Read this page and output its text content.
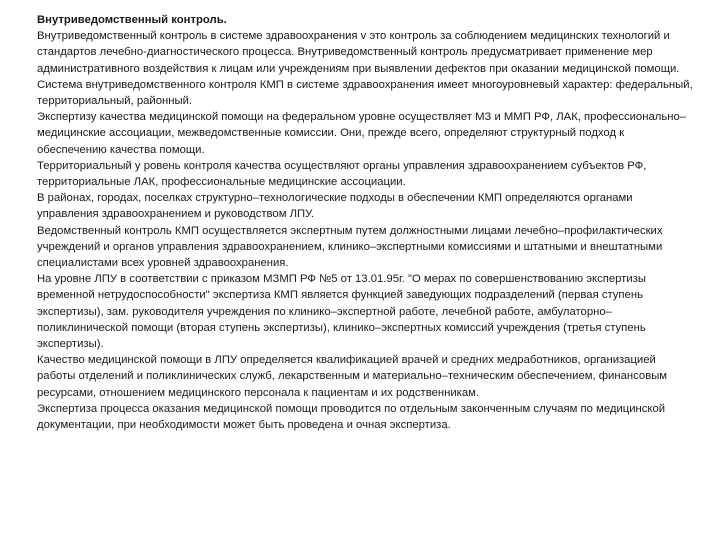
Внутриведомственный контроль.

Внутриведомственный контроль в системе здравоохранения v это контроль за соблюдением медицинских технологий и стандартов лечебно-диагностического процесса. Внутриведомственный контроль предусматривает применение мер административного воздействия к лицам или учреждениям при выявлении дефектов при оказании медицинской помощи.

Система внутриведомственного контроля КМП в системе здравоохранения имеет многоуровневый характер: федеральный, территориальный, районный.

Экспертизу качества медицинской помощи на федеральном уровне осуществляет МЗ и ММП РФ, ЛАК, профессионально–медицинские ассоциации, межведомственные комиссии. Они, прежде всего, определяют структурный подход к обеспечению качества помощи.

Территориальный у ровень контроля качества осуществляют органы управления здравоохранением субъектов РФ, территориальные ЛАК, профессиональные медицинские ассоциации.

В районах, городах, поселках структурно–технологические подходы в обеспечении КМП определяются органами управления здравоохранением и руководством ЛПУ.

Ведомственный контроль КМП осуществляется экспертным путем должностными лицами лечебно–профилактических учреждений и органов управления здравоохранением, клинико–экспертными комиссиями и штатными и внештатными специалистами всех уровней здравоохранения.

На уровне ЛПУ в соответствии с приказом МЗМП РФ №5 от 13.01.95г. "О мерах по совершенствованию экспертизы временной нетрудоспособности" экспертиза КМП является функцией заведующих подразделений (первая ступень экспертизы), зам. руководителя учреждения по клинико–экспертной работе, лечебной работе, амбулаторно–поликлинической помощи (вторая ступень экспертизы), клинико–экспертных комиссий учреждения (третья ступень экспертизы).

Качество медицинской помощи в ЛПУ определяется квалификацией врачей и средних медработников, организацией работы отделений и поликлинических служб, лекарственным и материально–техническим обеспечением, финансовым ресурсами, отношением медицинского персонала к пациентам и их родственникам.

Экспертиза процесса оказания медицинской помощи проводится по отдельным законченным случаям по медицинской документации, при необходимости может быть проведена и очная экспертиза.
